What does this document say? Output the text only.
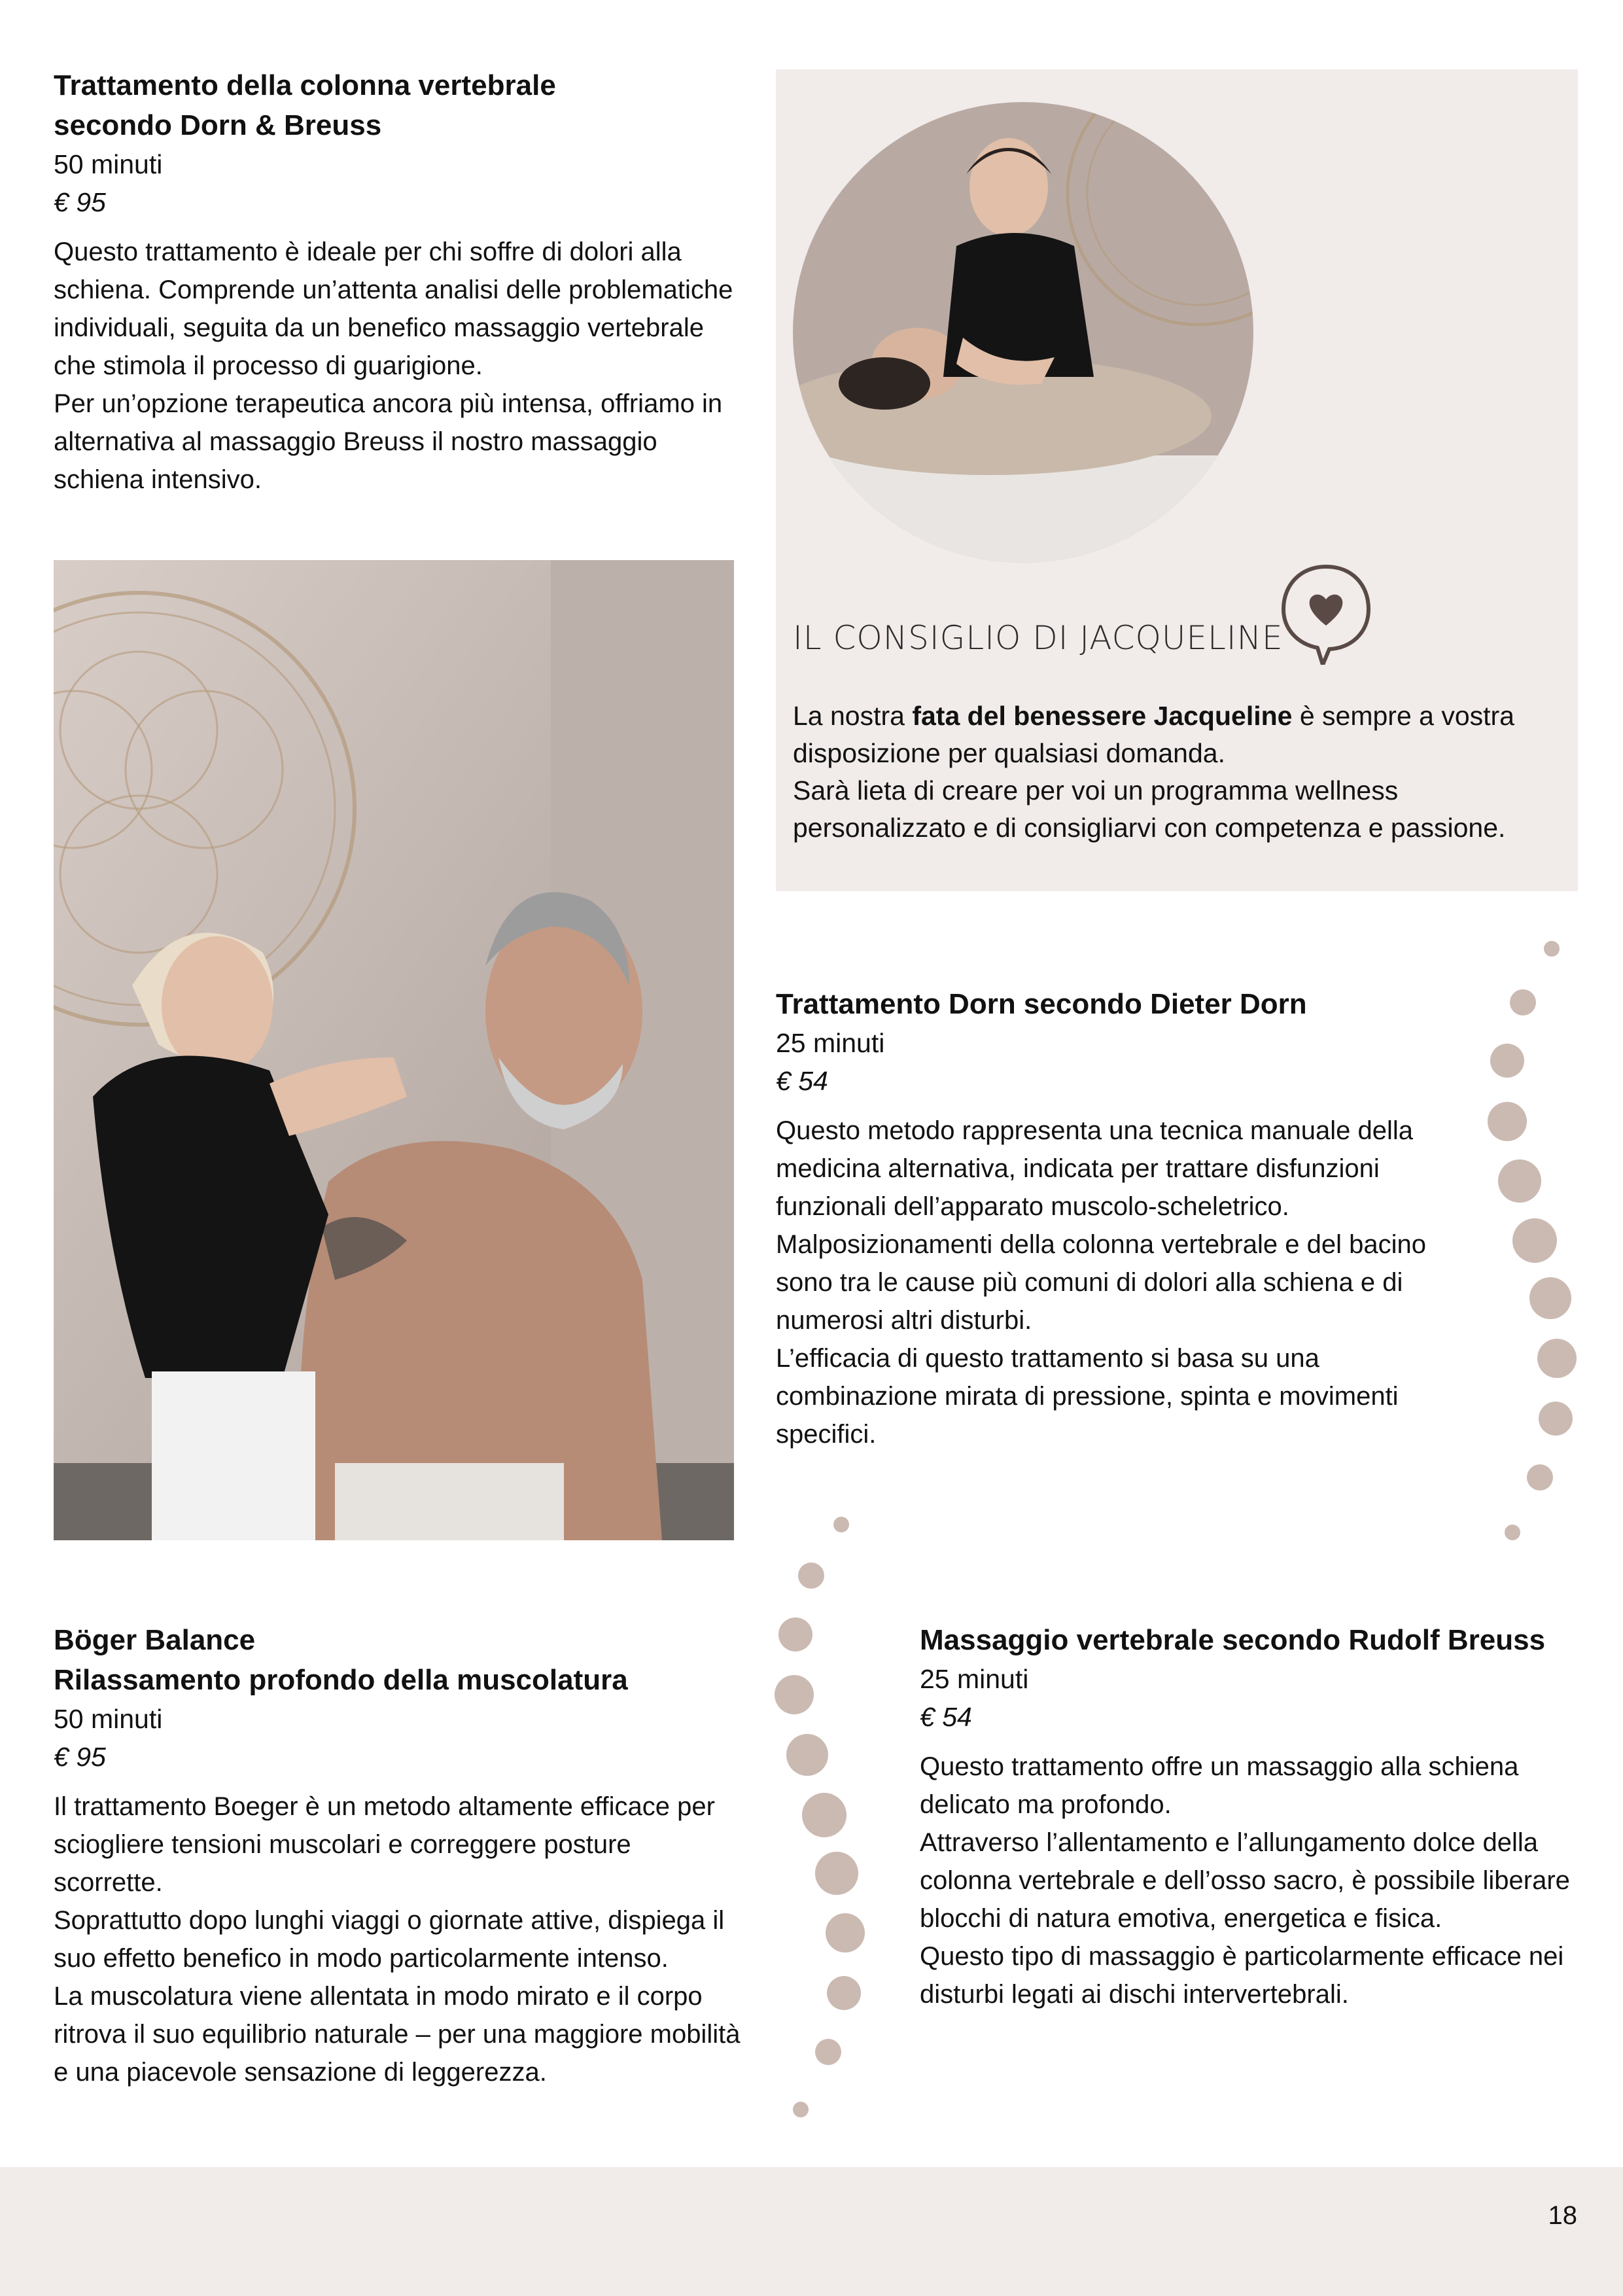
Trattamento della colonna vertebrale
secondo Dorn & Breuss

50 minuti
€ 95
Questo trattamento è ideale per chi soffre di dolori alla schiena. Comprende un’attenta analisi delle problematiche individuali, seguita da un benefico massaggio vertebrale che stimola il processo di guarigione.
Per un’opzione terapeutica ancora più intensa, offriamo in alternativa al massaggio Breuss il nostro massaggio schiena intensivo.
IL CONSIGLIO DI JACQUELINE
La nostra fata del benessere Jacqueline è sempre a vostra disposizione per qualsiasi domanda.
Sarà lieta di creare per voi un programma wellness personalizzato e di consigliarvi con competenza e passione.

Trattamento Dorn secondo Dieter Dorn

25 minuti
€ 54
Questo metodo rappresenta una tecnica manuale della medicina alternativa, indicata per trattare disfunzioni funzionali dell’apparato muscolo-scheletrico.
Malposizionamenti della colonna vertebrale e del bacino sono tra le cause più comuni di dolori alla schiena e di numerosi altri disturbi.
L’efficacia di questo trattamento si basa su una combinazione mirata di pressione, spinta e movimenti specifici.

Böger Balance
Rilassamento profondo della muscolatura

50 minuti
€ 95
Il trattamento Boeger è un metodo altamente efficace per sciogliere tensioni muscolari e correggere posture scorrette.
Soprattutto dopo lunghi viaggi o giornate attive, dispiega il suo effetto benefico in modo particolarmente intenso.
La muscolatura viene allentata in modo mirato e il corpo ritrova il suo equilibrio naturale – per una maggiore mobilità e una piacevole sensazione di leggerezza.

Massaggio vertebrale secondo Rudolf Breuss

25 minuti
€ 54
Questo trattamento offre un massaggio alla schiena delicato ma profondo.
Attraverso l’allentamento e l’allungamento dolce della colonna vertebrale e dell’osso sacro, è possibile liberare blocchi di natura emotiva, energetica e fisica.
Questo tipo di massaggio è particolarmente efficace nei disturbi legati ai dischi intervertebrali.
18
